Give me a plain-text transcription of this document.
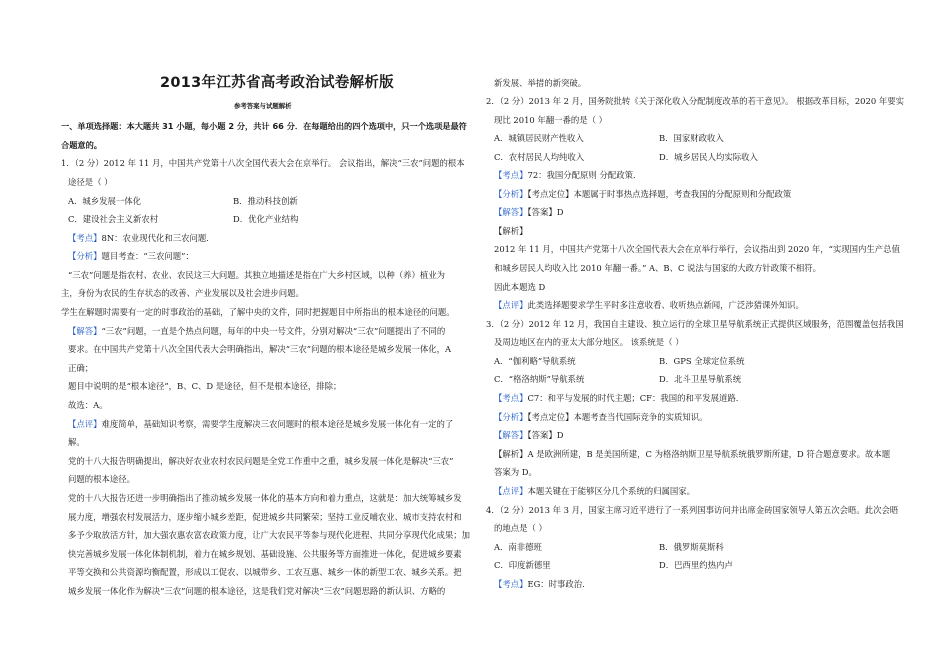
2013年江苏省高考政治试卷解析版
参考答案与试题解析
一、单项选择题：本大题共 31 小题，每小题 2 分，共计 66 分．在每题给出的四个选项中，只一个选项是最符
合题意的。
1．（2 分）2012 年 11 月，中国共产党第十八次全国代表大会在京举行。 会议指出，解决“三农”问题的根本
途径是（ ）
A．城乡发展一体化	B．推动科技创新
C．建设社会主义新农村	D．优化产业结构
【考点】8N：农业现代化和三农问题．
【分析】题目考查：“三农问题”：
“三农”问题是指农村、农业、农民这三大问题。其独立地描述是指在广大乡村区域，以种（养）植业为
主，身份为农民的生存状态的改善、产业发展以及社会进步问题。
学生在解题时需要有一定的时事政治的基础，了解中央的文件，同时把握题目中所指出的根本途径的问题。
【解答】“三农”问题，一直是个热点问题，每年的中央一号文件，分别对解决“三农”问题提出了不同的
要求。在中国共产党第十八次全国代表大会明确指出，解决“三农”问题的根本途径是城乡发展一体化，A
正确；
题目中说明的是“根本途径”，B、C、D 是途径，但不是根本途径，排除；
故选：A。
【点评】难度简单，基础知识考察，需要学生度解决三农问题时的根本途径是城乡发展一体化有一定的了
解。
党的十八大报告明确提出，解决好农业农村农民问题是全党工作重中之重，城乡发展一体化是解决“三农”
问题的根本途径。
党的十八大报告还进一步明确指出了推动城乡发展一体化的基本方向和着力重点，这就是：加大统筹城乡发
展力度，增强农村发展活力，逐步缩小城乡差距，促进城乡共同繁荣；坚持工业反哺农业、城市支持农村和
多予少取放活方针，加大强农惠农富农政策力度，让广大农民平等参与现代化进程、共同分享现代化成果；加
快完善城乡发展一体化体制机制，着力在城乡规划、基础设施、公共服务等方面推进一体化，促进城乡要素
平等交换和公共资源均衡配置，形成以工促农、以城带乡、工农互惠、城乡一体的新型工农、城乡关系。把
城乡发展一体化作为解决“三农”问题的根本途径，这是我们党对解决“三农”问题思路的新认识、方略的
新发展、举措的新突破。
2．（2 分）2013 年 2 月，国务院批转《关于深化收入分配制度改革的若干意见》。 根据改革目标，2020 年要实
现比 2010 年翻一番的是（ ）
A．城镇居民财产性收入	B．国家财政收入
C．农村居民人均纯收入	D．城乡居民人均实际收入
【考点】72：我国分配原则 分配政策．
【分析】【考点定位】本题属于时事热点选择题，考查我国的分配原则和分配政策
【解答】【答案】D
【解析】
2012 年 11 月，中国共产党第十八次全国代表大会在京举行举行，会议指出到 2020 年，“实现国内生产总值
和城乡居民人均收入比 2010 年翻一番。” A、B、C 说法与国家的大政方针政策不相符。
因此本题选 D
【点评】此类选择题要求学生平时多注意收看、收听热点新闻，广泛涉猎课外知识。
3．（2 分）2012 年 12 月，我国自主建设、独立运行的全球卫星导航系统正式提供区域服务，范围覆盖包括我国
及周边地区在内的亚太大部分地区。 该系统是（ ）
A．“伽利略”导航系统	B．GPS 全球定位系统
C．“格洛纳斯”导航系统	D．北斗卫星导航系统
【考点】C7：和平与发展的时代主题；CF：我国的和平发展道路．
【分析】【考点定位】本题考查当代国际竞争的实质知识。
【解答】【答案】D
【解析】A 是欧洲所建，B 是美国所建，C 为格洛纳斯卫星导航系统俄罗斯所建，D 符合题意要求。故本题
答案为 D。
【点评】本题关键在于能够区分几个系统的归属国家。
4．（2 分）2013 年 3 月，国家主席习近平进行了一系列国事访问并出席金砖国家领导人第五次会晤。此次会晤
的地点是（ ）
A．南非德班	B．俄罗斯莫斯科
C．印度新德里	D．巴西里约热内卢
【考点】EG：时事政治．
